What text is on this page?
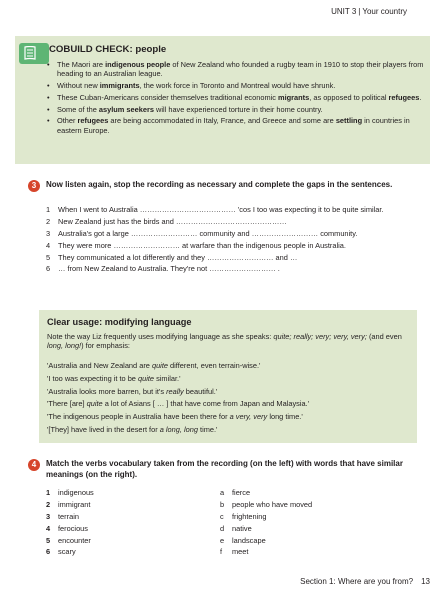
UNIT 3 | Your country
COBUILD CHECK: people
• The Maori are indigenous people of New Zealand who founded a rugby team in 1910 to stop their players from heading to an Australian league.
• Without new immigrants, the work force in Toronto and Montreal would have shrunk.
• These Cuban-Americans consider themselves traditional economic migrants, as opposed to political refugees.
• Some of the asylum seekers will have experienced torture in their home country.
• Other refugees are being accommodated in Italy, France, and Greece and some are settling in countries in eastern Europe.
3	Now listen again, stop the recording as necessary and complete the gaps in the sentences.
1 When I went to Australia ………………………………… 'cos I too was expecting it to be quite similar.
2 New Zealand just has the birds and ………………………………………
3 Australia's got a large ……………………… community and ……………………… community.
4 They were more ……………………… at warfare than the indigenous people in Australia.
5 They communicated a lot differently and they ……………………… and …
6 … from New Zealand to Australia. They're not ……………………… .
Clear usage: modifying language
Note the way Liz frequently uses modifying language as she speaks: quite; really; very; very, very; (and even long, long!) for emphasis:
'Australia and New Zealand are quite different, even terrain-wise.'
'I too was expecting it to be quite similar.'
'Australia looks more barren, but it's really beautiful.'
'There [are] quite a lot of Asians [ … ] that have come from Japan and Malaysia.'
'The indigenous people in Australia have been there for a very, very long time.'
'[They] have lived in the desert for a long, long time.'
4	Match the verbs vocabulary taken from the recording (on the left) with words that have similar meanings (on the right).
1 indigenous
2 immigrant
3 terrain
4 ferocious
5 encounter
6 scary
a fierce
b people who have moved
c frightening
d native
e landscape
f meet
Section 1: Where are you from? 13
